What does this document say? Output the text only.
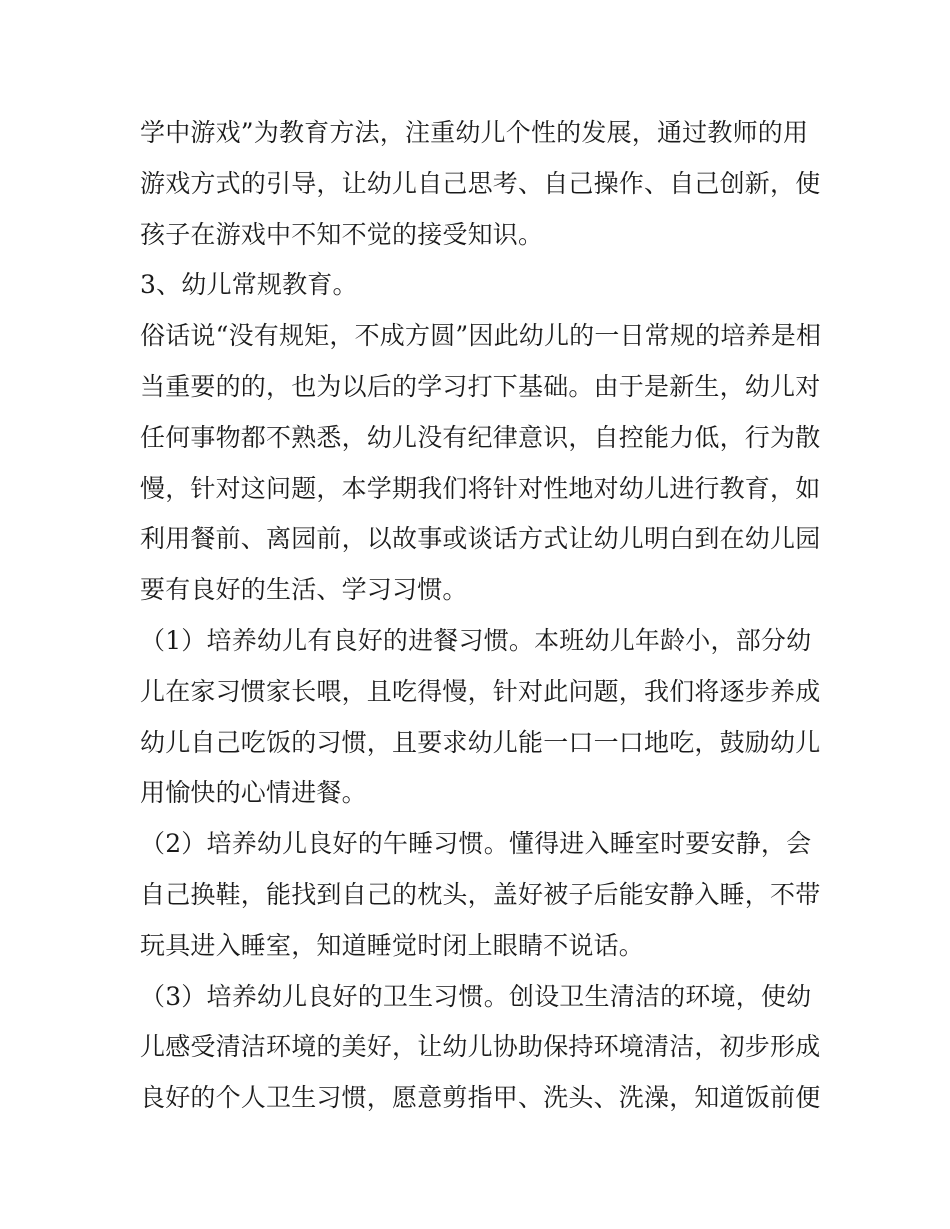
学中游戏”为教育方法，注重幼儿个性的发展，通过教师的用
游戏方式的引导，让幼儿自己思考、自己操作、自己创新，使
孩子在游戏中不知不觉的接受知识。
3、幼儿常规教育。
俗话说“没有规矩，不成方圆”因此幼儿的一日常规的培养是相
当重要的的，也为以后的学习打下基础。由于是新生，幼儿对
任何事物都不熟悉，幼儿没有纪律意识，自控能力低，行为散
慢，针对这问题，本学期我们将针对性地对幼儿进行教育，如
利用餐前、离园前，以故事或谈话方式让幼儿明白到在幼儿园
要有良好的生活、学习习惯。
（1）培养幼儿有良好的进餐习惯。本班幼儿年龄小，部分幼
儿在家习惯家长喂，且吃得慢，针对此问题，我们将逐步养成
幼儿自己吃饭的习惯，且要求幼儿能一口一口地吃，鼓励幼儿
用愉快的心情进餐。
（2）培养幼儿良好的午睡习惯。懂得进入睡室时要安静，会
自己换鞋，能找到自己的枕头，盖好被子后能安静入睡，不带
玩具进入睡室，知道睡觉时闭上眼睛不说话。
（3）培养幼儿良好的卫生习惯。创设卫生清洁的环境，使幼
儿感受清洁环境的美好，让幼儿协助保持环境清洁，初步形成
良好的个人卫生习惯，愿意剪指甲、洗头、洗澡，知道饭前便
